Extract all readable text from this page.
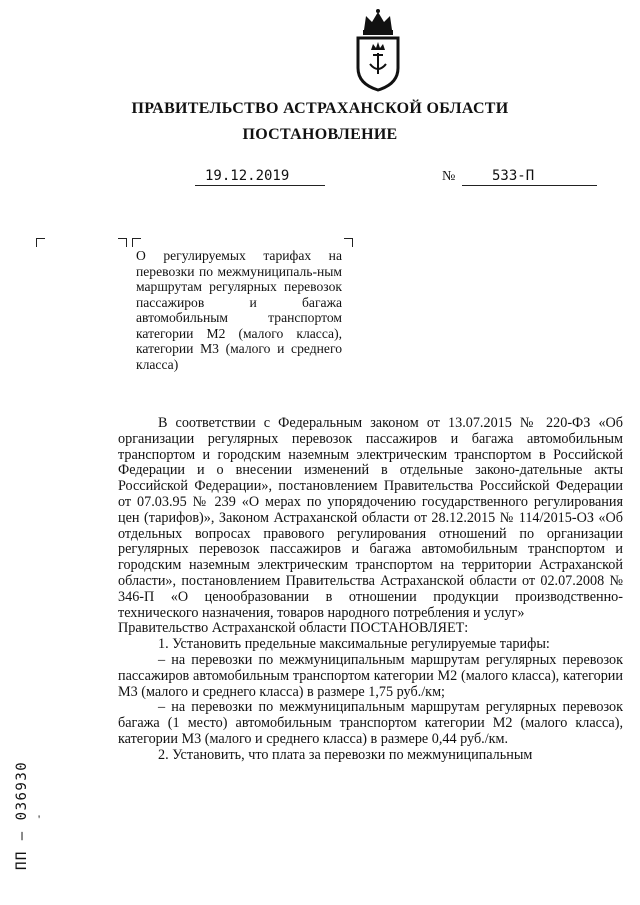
ПРАВИТЕЛЬСТВО АСТРАХАНСКОЙ ОБЛАСТИ
ПОСТАНОВЛЕНИЕ
19.12.2019	№	533-П

О регулируемых тарифах на перевозки по межмуниципаль-ным маршрутам регулярных перевозок пассажиров и багажа автомобильным транспортом категории М2 (малого класса), категории М3 (малого и среднего класса)

В соответствии с Федеральным законом от 13.07.2015 № 220-ФЗ «Об организации регулярных перевозок пассажиров и багажа автомобильным транспортом и городским наземным электрическим транспортом в Российской Федерации и о внесении изменений в отдельные законо-дательные акты Российской Федерации», постановлением Правительства Российской Федерации от 07.03.95 № 239 «О мерах по упорядочению государственного регулирования цен (тарифов)», Законом Астраханской области от 28.12.2015 № 114/2015-ОЗ «Об отдельных вопросах правового регулирования отношений по организации регулярных перевозок пассажиров и багажа автомобильным транспортом и городским наземным электрическим транспортом на территории Астраханской области», постановлением Правительства Астраханской области от 02.07.2008 № 346-П «О ценообразовании в отношении продукции производственно-технического назначения, товаров народного потребления и услуг»

Правительство Астраханской области ПОСТАНОВЛЯЕТ:

1. Установить предельные максимальные регулируемые тарифы:

– на перевозки по межмуниципальным маршрутам регулярных перевозок пассажиров автомобильным транспортом категории М2 (малого класса), категории М3 (малого и среднего класса) в размере 1,75 руб./км;

– на перевозки по межмуниципальным маршрутам регулярных перевозок багажа (1 место) автомобильным транспортом категории М2 (малого класса), категории М3 (малого и среднего класса) в размере 0,44 руб./км.

2. Установить, что плата за перевозки по межмуниципальным

ПП – 036930 '
